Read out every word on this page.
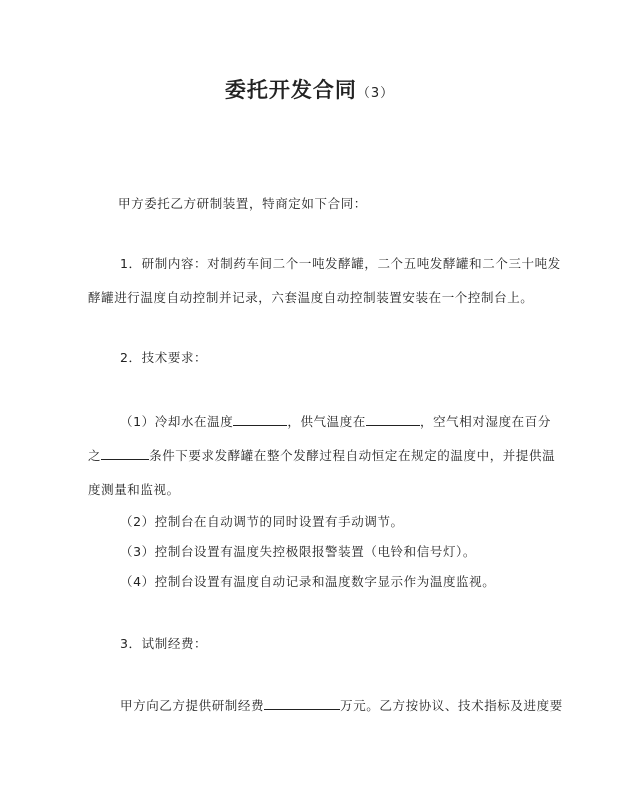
委托开发合同（3）
甲方委托乙方研制装置，特商定如下合同：
1．研制内容：对制药车间二个一吨发酵罐，二个五吨发酵罐和二个三十吨发
酵罐进行温度自动控制并记录，六套温度自动控制装置安装在一个控制台上。
2．技术要求：
（1）冷却水在温度	，供气温度在	，空气相对湿度在百分
之	条件下要求发酵罐在整个发酵过程自动恒定在规定的温度中，并提供温
度测量和监视。
（2）控制台在自动调节的同时设置有手动调节。
（3）控制台设置有温度失控极限报警装置（电铃和信号灯）。
（4）控制台设置有温度自动记录和温度数字显示作为温度监视。
3．试制经费：
甲方向乙方提供研制经费	万元。乙方按协议、技术指标及进度要
